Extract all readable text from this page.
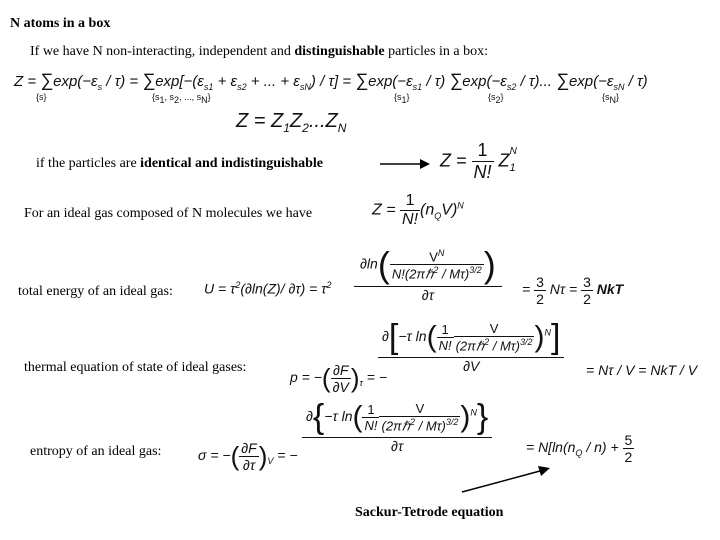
N atoms in a box
If we have N non-interacting, independent and distinguishable particles in a box:
$Z = \sum\exp(-\varepsilon_s / \tau) = \sum\exp[-(\varepsilon_{s1} + \varepsilon_{s2}$ + ... + $\varepsilon_{sN}) / \tau] = \sum\exp(-\varepsilon_{s1} / \tau)$ $\sum\exp(-\varepsilon_{s2} / \tau)$... $\sum\exp(-\varepsilon_{sN} / \tau)$
{s}	{$s_1$, $s_2$, ..., $s_N$}	$\{s_1\}$	$\{s_2\}$	$\{s_N\}$
$Z = Z_1Z_2...Z_N$
if the particles are identical and indistinguishable	$Z = \frac{1}{N!} Z_1^N$
For an ideal gas composed of N molecules we have	$Z = \frac{1}{N!} (n_QV)^N$
total energy of an ideal gas: $U = \tau^2(\partial\ln(Z)/$ $\partial\tau) = \tau^2$
$\partial\ln( \frac{V^N}{N!(2\pi\hbar^2 / M\tau)^{3/2}}$ )
∂τ	= $\frac{3}{2}$ $N\tau = \frac{3}{2}$ NkT
thermal equation of state of ideal gases:
p = −( $\frac{\partial F}{\partial V} )_\tau$ = −
∂[−τ $\ln( \frac{1}{N!} \frac{V}{(2\pi\hbar^2 / M\tau)^{3/2}} )^N$]
∂V	= Nτ / V = NkT / V
entropy of an ideal gas:	σ = −( $\frac{\partial F}{\partial\tau} )_V$ = −
∂{−τ $\ln( \frac{1}{N!} \frac{V}{(2\pi\hbar^2 / M\tau)^{3/2}} )^N$}
∂τ	= $N[\ln(n_Q / n) + \frac{5}{2}$
Sackur-Tetrode equation
